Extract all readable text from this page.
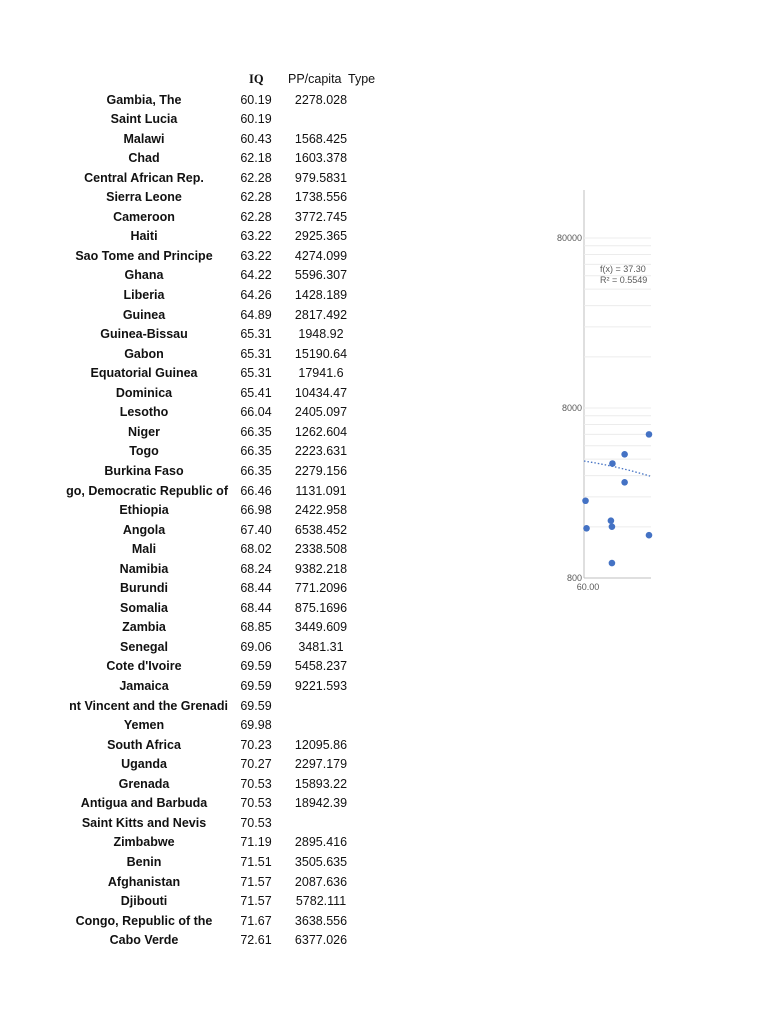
IQ PP/capita Type
Gambia, The	60.19	2278.028
Saint Lucia	60.19
Malawi	60.43	1568.425
Chad	62.18	1603.378
Central African Rep.	62.28	979.5831
Sierra Leone	62.28	1738.556
Cameroon	62.28	3772.745
Haiti	63.22	2925.365
Sao Tome and Principe	63.22	4274.099
Ghana	64.22	5596.307
Liberia	64.26	1428.189
Guinea	64.89	2817.492
Guinea-Bissau	65.31	1948.92
Gabon	65.31	15190.64
Equatorial Guinea	65.31	17941.6
Dominica	65.41	10434.47
Lesotho	66.04	2405.097
Niger	66.35	1262.604
Togo	66.35	2223.631
Burkina Faso	66.35	2279.156
go, Democratic Republic of 66.46	1131.091
Ethiopia	66.98	2422.958
Angola	67.40	6538.452
Mali	68.02	2338.508
Namibia	68.24	9382.218
Burundi	68.44	771.2096
Somalia	68.44	875.1696
Zambia	68.85	3449.609
Senegal	69.06	3481.31
Cote d'Ivoire	69.59	5458.237
Jamaica	69.59	9221.593
nt Vincent and the Grenadi 69.59
Yemen	69.98
South Africa	70.23	12095.86
Uganda	70.27	2297.179
Grenada	70.53	15893.22
Antigua and Barbuda	70.53	18942.39
Saint Kitts and Nevis	70.53
Zimbabwe	71.19	2895.416
Benin	71.51	3505.635
Afghanistan	71.57	2087.636
Djibouti	71.57	5782.111
Congo, Republic of the	71.67	3638.556
Cabo Verde	72.61	6377.026
80000
8000
800
60.00
f(x) = 37.30
R² = 0.5549
